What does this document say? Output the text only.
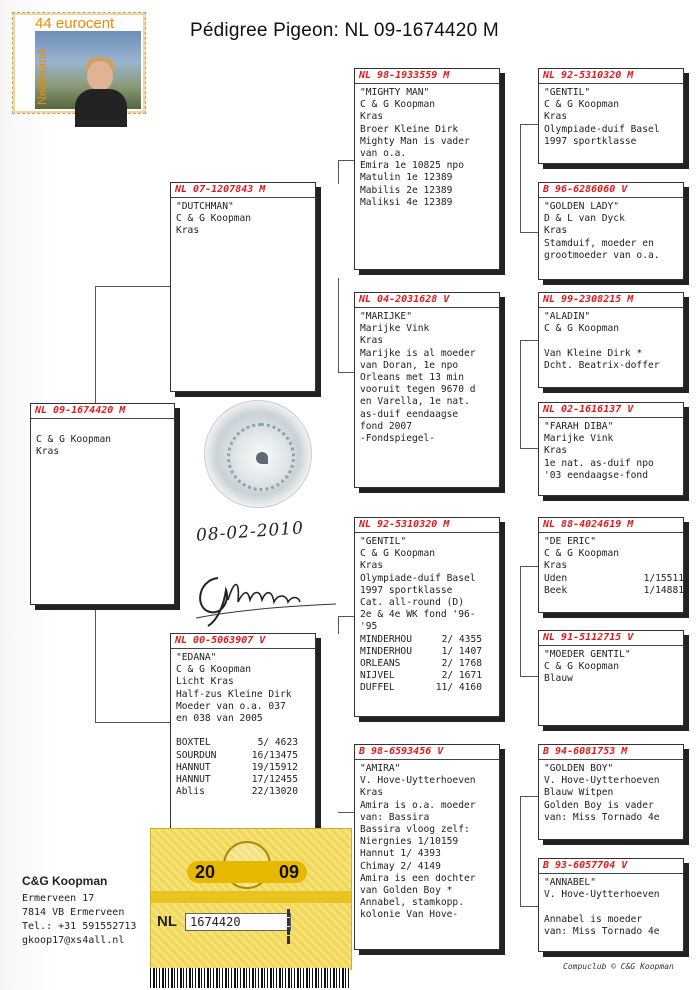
Pédigree Pigeon: NL 09-1674420 M
44 eurocent
Nederland
NL 09-1674420 M
C & G Koopman
Kras
NL 07-1207843 M
"DUTCHMAN"
C & G Koopman
Kras
NL 00-5063907 V
"EDANA"
C & G Koopman
Licht Kras
Half-zus Kleine Dirk
Moeder van o.a. 037
en 038 van 2005
BOXTEL	5/ 4623
SOURDUN	16/13475
HANNUT	19/15912
HANNUT	17/12455
Ablis	22/13020
NL 98-1933559 M
"MIGHTY MAN"
C & G Koopman
Kras
Broer Kleine Dirk
Mighty Man is vader
van o.a.
Emira 1e 10825 npo
Matulin 1e 12389
Mabilis 2e 12389
Maliksi 4e 12389
NL 04-2031628 V
"MARIJKE"
Marijke Vink
Kras
Marijke is al moeder
van Doran, 1e npo
Orleans met 13 min
vooruit tegen 9670 d
en Varella, 1e nat.
as-duif eendaagse
fond 2007
-Fondspiegel-
NL 92-5310320 M
"GENTIL"
C & G Koopman
Kras
Olympiade-duif Basel
1997 sportklasse
Cat. all-round (D)
2e & 4e WK fond '96-
'95
MINDERHOU	2/ 4355
MINDERHOU	1/ 1407
ORLEANS	2/ 1768
NIJVEL	2/ 1671
DUFFEL	11/ 4160
B 98-6593456 V
"AMIRA"
V. Hove-Uytterhoeven
Kras
Amira is o.a. moeder
van: Bassira
Bassira vloog zelf:
Niergnies 1/10159
Hannut 1/ 4393
Chimay 2/ 4149
Amira is een dochter
van Golden Boy *
Annabel, stamkopp.
kolonie Van Hove-
NL 92-5310320 M
"GENTIL"
C & G Koopman
Kras
Olympiade-duif Basel
1997 sportklasse
B 96-6286060 V
"GOLDEN LADY"
D & L van Dyck
Kras
Stamduif, moeder en
grootmoeder van o.a.
NL 99-2308215 M
"ALADIN"
C & G Koopman
Van Kleine Dirk *
Dcht. Beatrix-doffer
NL 02-1616137 V
"FARAH DIBA"
Marijke Vink
Kras
1e nat. as-duif npo
'03 eendaagse-fond
NL 88-4024619 M
"DE ERIC"
C & G Koopman
Kras
Uden	1/15511
Beek	1/14881
NL 91-5112715 V
"MOEDER GENTIL"
C & G Koopman
Blauw
B 94-6081753 M
"GOLDEN BOY"
V. Hove-Uytterhoeven
Blauw Witpen
Golden Boy is vader
van: Miss Tornado 4e
B 93-6057704 V
"ANNABEL"
V. Hove-Uytterhoeven
Annabel is moeder
van: Miss Tornado 4e
08-02-2010
C&G Koopman
Ermerveen 17
7814 VB Ermerveen
Tel.: +31 591552713
gkoop17@xs4all.nl
20	09
NL	1674420

Compuclub © C&G Koopman
